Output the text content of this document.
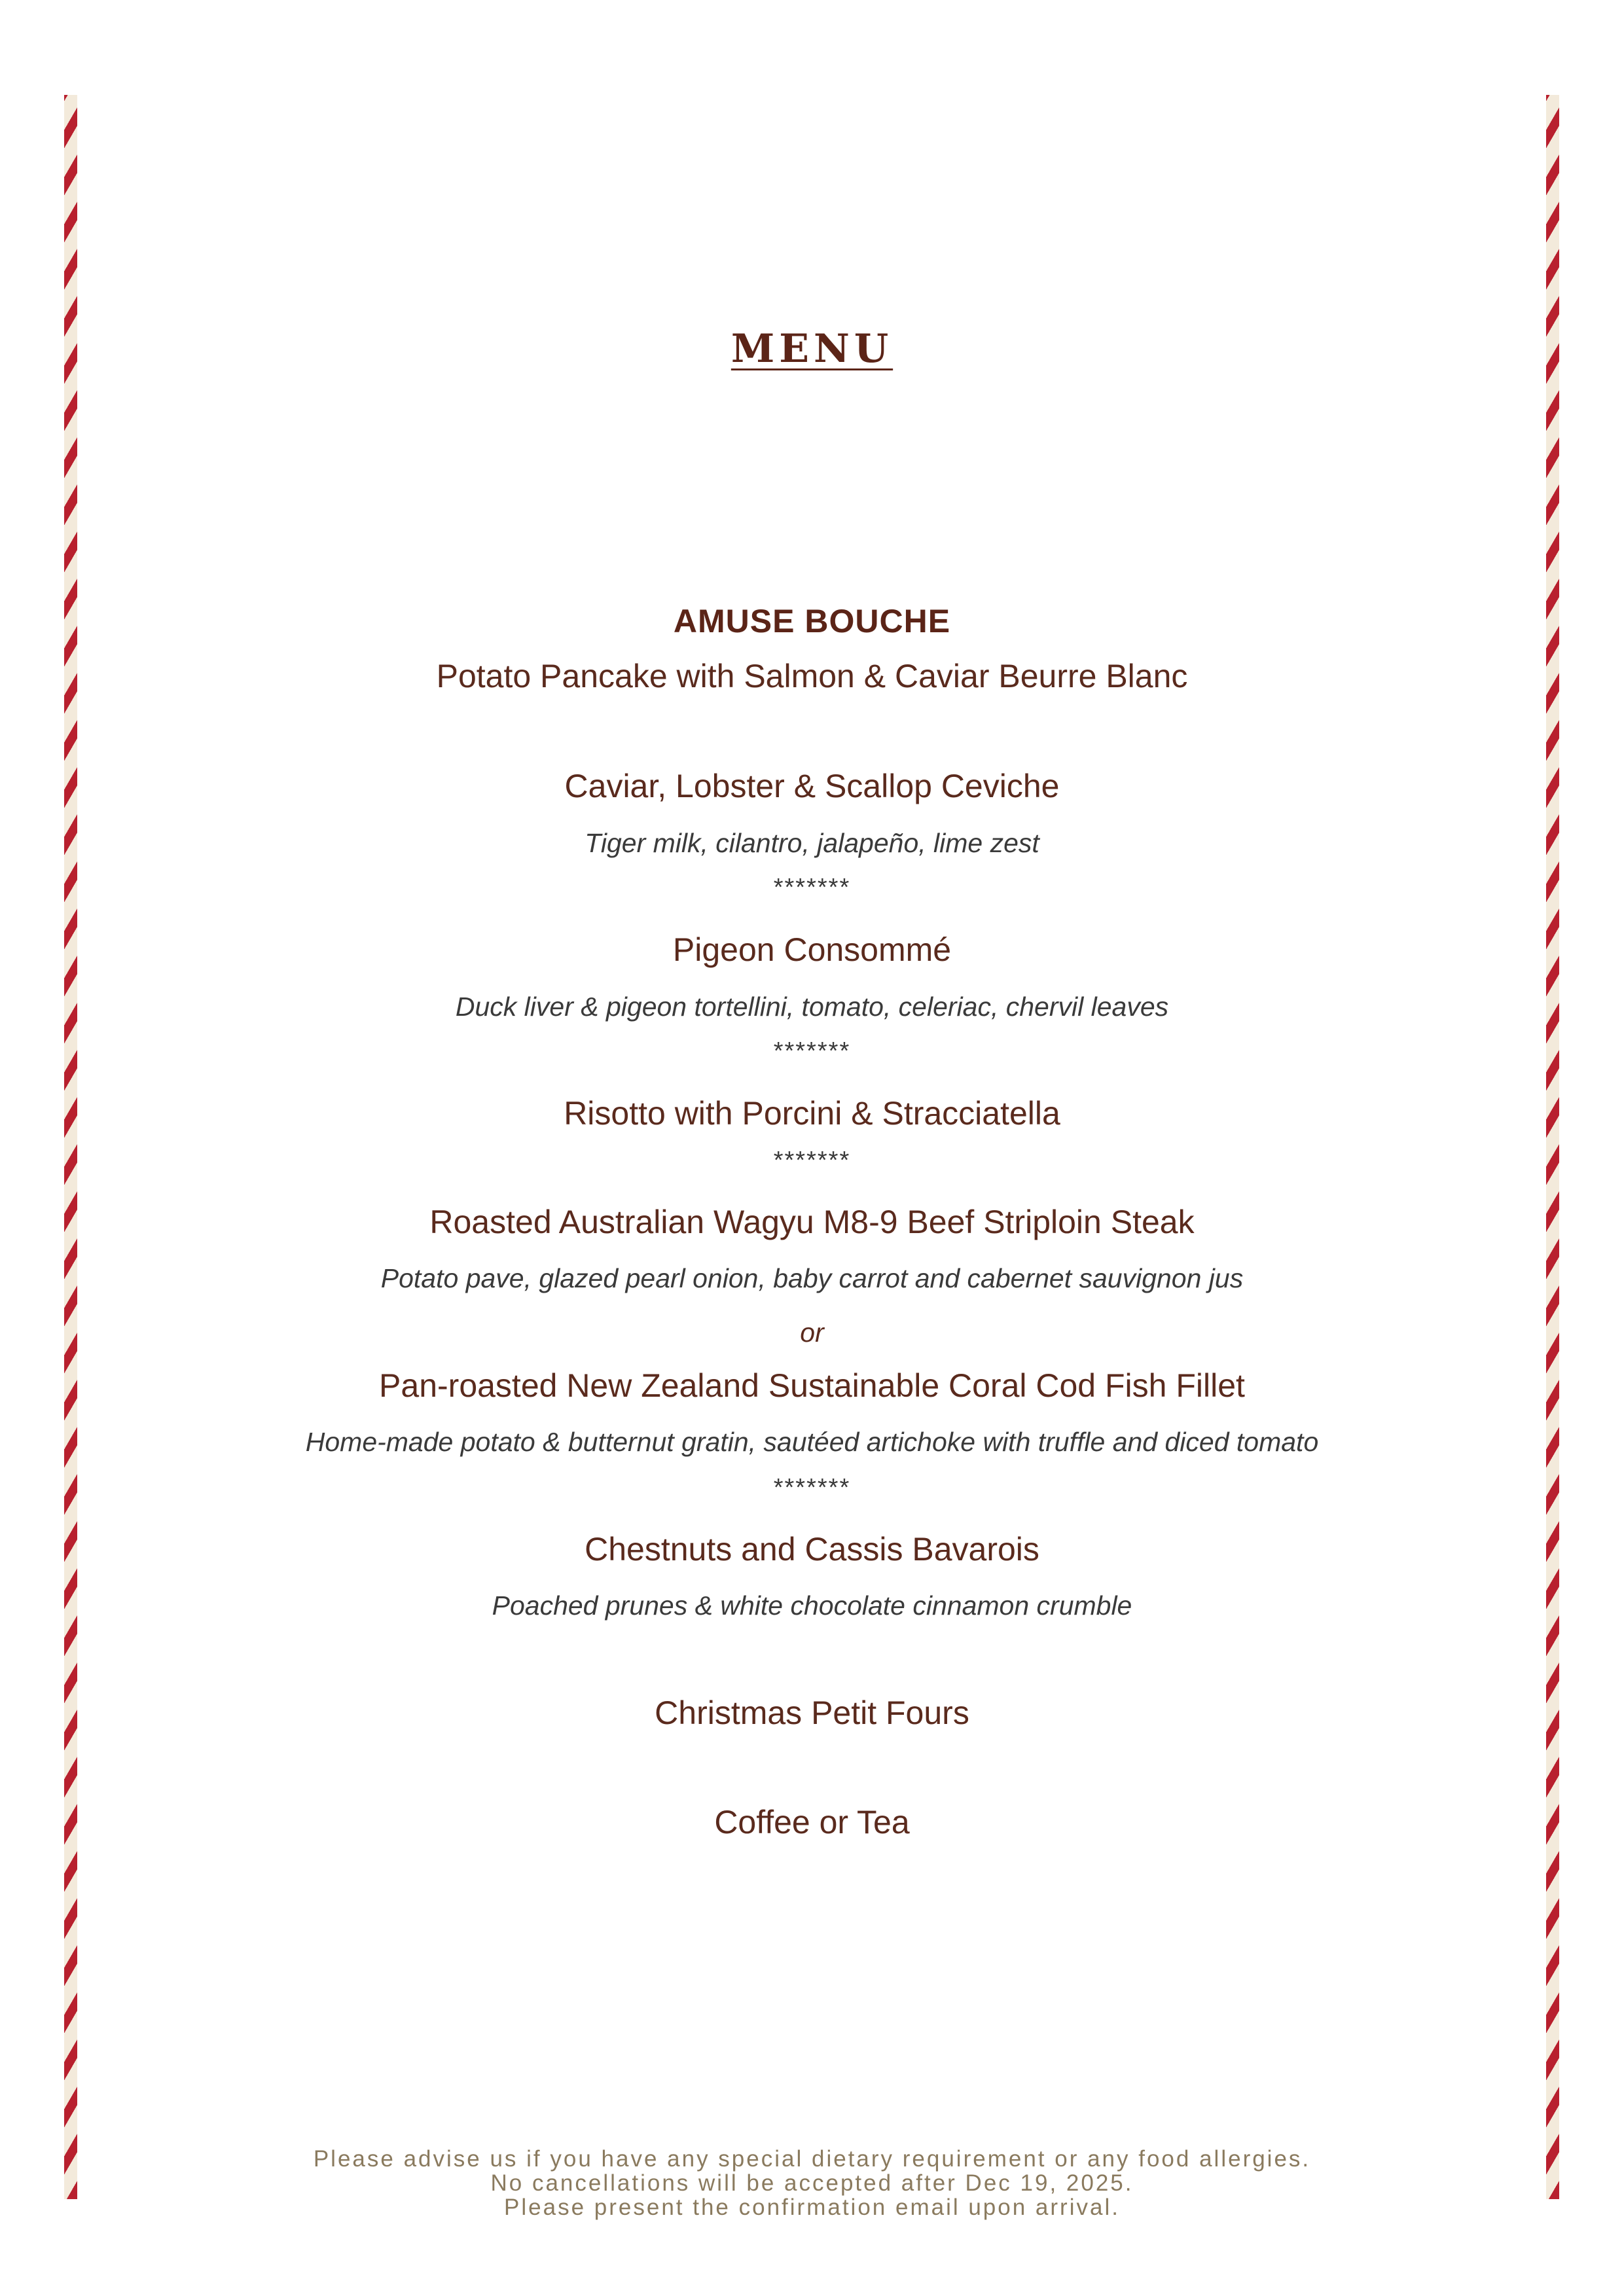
MENU
AMUSE BOUCHE
Potato Pancake with Salmon & Caviar Beurre Blanc
Caviar, Lobster & Scallop Ceviche
Tiger milk, cilantro, jalapeño, lime zest
*******
Pigeon Consommé
Duck liver & pigeon tortellini, tomato, celeriac, chervil leaves
*******
Risotto with Porcini & Stracciatella
*******
Roasted Australian Wagyu M8-9 Beef Striploin Steak
Potato pave, glazed pearl onion, baby carrot and cabernet sauvignon jus
or
Pan-roasted New Zealand Sustainable Coral Cod Fish Fillet
Home-made potato & butternut gratin, sautéed artichoke with truffle and diced tomato
*******
Chestnuts and Cassis Bavarois
Poached prunes & white chocolate cinnamon crumble
Christmas Petit Fours
Coffee or Tea
Please advise us if you have any special dietary requirement or any food allergies.
No cancellations will be accepted after Dec 19, 2025.
Please present the confirmation email upon arrival.
